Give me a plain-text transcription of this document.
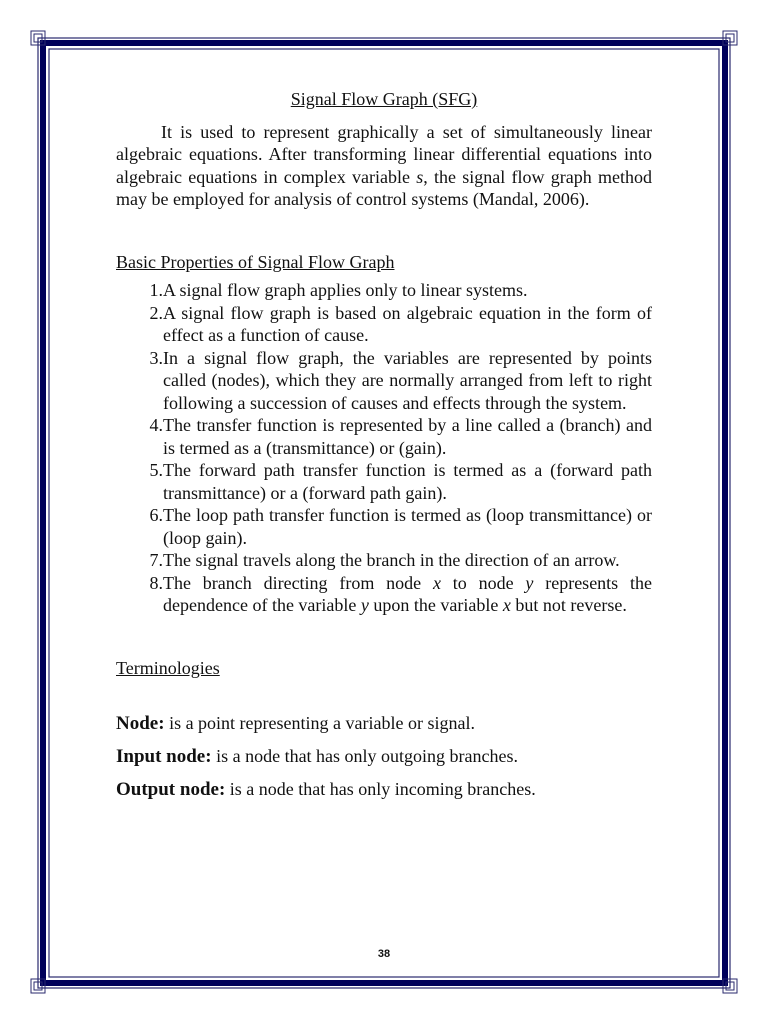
Signal Flow Graph (SFG)

It is used to represent graphically a set of simultaneously linear algebraic equations. After transforming linear differential equations into algebraic equations in complex variable s, the signal flow graph method may be employed for analysis of control systems (Mandal, 2006).

Basic Properties of Signal Flow Graph
1. A signal flow graph applies only to linear systems.
2. A signal flow graph is based on algebraic equation in the form of effect as a function of cause.
3. In a signal flow graph, the variables are represented by points called (nodes), which they are normally arranged from left to right following a succession of causes and effects through the system.
4. The transfer function is represented by a line called a (branch) and is termed as a (transmittance) or (gain).
5. The forward path transfer function is termed as a (forward path transmittance) or a (forward path gain).
6. The loop path transfer function is termed as (loop transmittance) or (loop gain).
7. The signal travels along the branch in the direction of an arrow.
8. The branch directing from node x to node y represents the dependence of the variable y upon the variable x but not reverse.
Terminologies

Node: is a point representing a variable or signal.

Input node: is a node that has only outgoing branches.

Output node: is a node that has only incoming branches.

38
